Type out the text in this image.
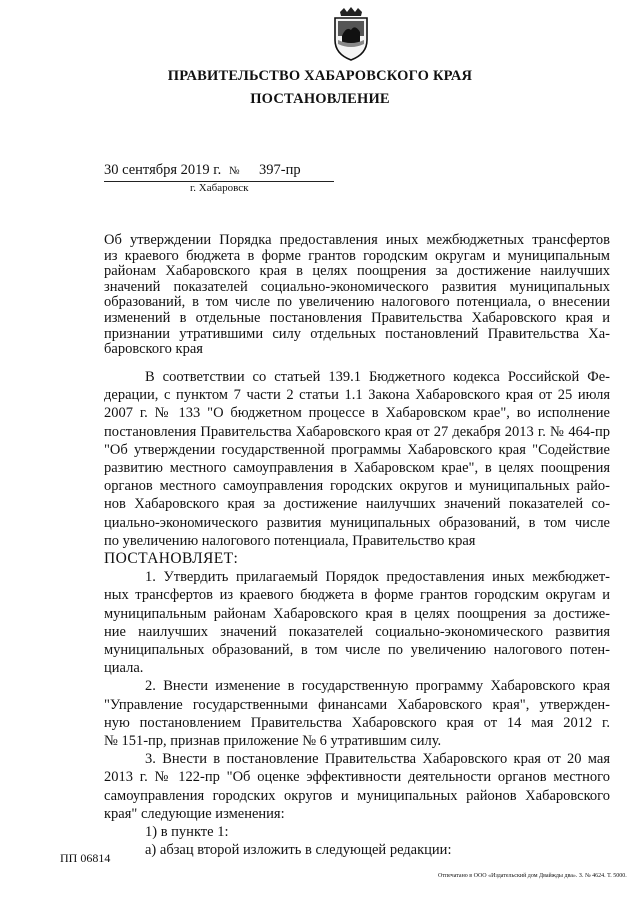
ПРАВИТЕЛЬСТВО ХАБАРОВСКОГО КРАЯ
ПОСТАНОВЛЕНИЕ
30 сентября 2019 г. № 397-пр
г. Хабаровск
Об утверждении Порядка предоставления иных межбюджетных трансфертов
из краевого бюджета в форме грантов городским округам и муниципальным
районам Хабаровского края в целях поощрения за достижение наилучших
значений показателей социально-экономического развития муниципальных
образований, в том числе по увеличению налогового потенциала, о внесении
изменений в отдельные постановления Правительства Хабаровского края и
признании утратившими силу отдельных постановлений Правительства Ха-
баровского края
В соответствии со статьей 139.1 Бюджетного кодекса Российской Фе-
дерации, с пунктом 7 части 2 статьи 1.1 Закона Хабаровского края от 25 июля
2007 г. № 133 "О бюджетном процессе в Хабаровском крае", во исполнение
постановления Правительства Хабаровского края от 27 декабря 2013 г. № 464-пр
"Об утверждении государственной программы Хабаровского края "Содействие
развитию местного самоуправления в Хабаровском крае", в целях поощрения
органов местного самоуправления городских округов и муниципальных райо-
нов Хабаровского края за достижение наилучших значений показателей со-
циально-экономического развития муниципальных образований, в том числе
по увеличению налогового потенциала, Правительство края
ПОСТАНОВЛЯЕТ:
1. Утвердить прилагаемый Порядок предоставления иных межбюджет-
ных трансфертов из краевого бюджета в форме грантов городским округам и
муниципальным районам Хабаровского края в целях поощрения за достиже-
ние наилучших значений показателей социально-экономического развития
муниципальных образований, в том числе по увеличению налогового потен-
циала.
2. Внести изменение в государственную программу Хабаровского края
"Управление государственными финансами Хабаровского края", утвержден-
ную постановлением Правительства Хабаровского края от 14 мая 2012 г.
№ 151-пр, признав приложение № 6 утратившим силу.
3. Внести в постановление Правительства Хабаровского края от 20 мая
2013 г. № 122-пр "Об оценке эффективности деятельности органов местного
самоуправления городских округов и муниципальных районов Хабаровского
края" следующие изменения:
1) в пункте 1:
а) абзац второй изложить в следующей редакции:
ПП 06814
Отпечатано в ООО «Издательский дом Двайжды два». З. № 4624. Т. 5000.
